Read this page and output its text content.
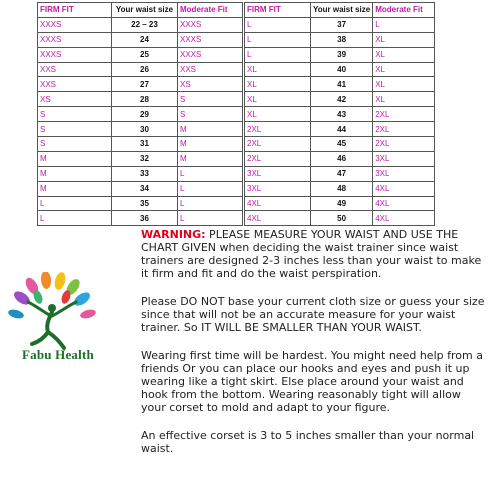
FIRM FIT	Your waist size	Moderate Fit
XXXS	22 – 23	XXXS
XXXS	24	XXXS
XXXS	25	XXXS
XXS	26	XXS
XXS	27	XS
XS	28	S
S	29	S
S	30	M
S	31	M
M	32	M
M	33	L
M	34	L
L	35	L
L	36	L
FIRM FIT	Your waist size	Moderate Fit
L	37	L
L	38	XL
L	39	XL
XL	40	XL
XL	41	XL
XL	42	XL
XL	43	2XL
2XL	44	2XL
2XL	45	2XL
2XL	46	3XL
3XL	47	3XL
3XL	48	4XL
4XL	49	4XL
4XL	50	4XL
Fabu Health

WARNING: PLEASE MEASURE YOUR WAIST AND USE THE CHART GIVEN when deciding the waist trainer since waist trainers are designed 2-3 inches less than your waist to make it firm and fit and do the waist perspiration.

Please DO NOT base your current cloth size or guess your size since that will not be an accurate measure for your waist trainer. So IT WILL BE SMALLER THAN YOUR WAIST.

Wearing first time will be hardest. You might need help from a friends Or you can place our hooks and eyes and push it up wearing like a tight skirt. Else place around your waist and hook from the bottom. Wearing reasonably tight will allow your corset to mold and adapt to your figure.

An effective corset is 3 to 5 inches smaller than your normal waist.
